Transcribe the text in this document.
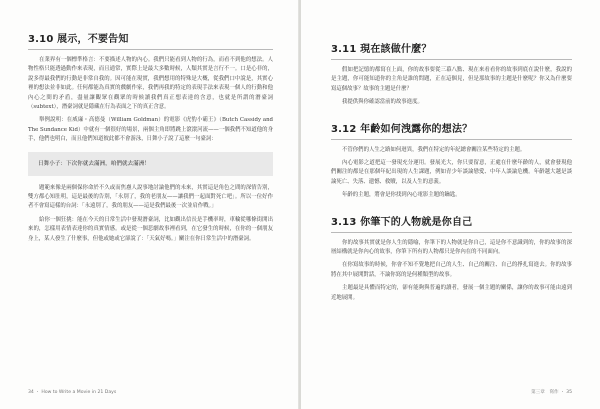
3.10 展示，不要告知

在業界有一個標準格言：不要描述人物的內心。我們只能看到人物的行為，而看不到他的想法。人物性格只能透過動作來表現，而且通常，實際上是最大多數時候，人類其實是言行不一。口是心非的，說多得最我們的行動是非常自我的。因可能在現實，我們想用的特殊是大概，從我們口中說是，其實心裡的想法並非如此。任何都能為真實的戲劇作家，我們再我的特定的表現手法來表現一個人的行動和他內心之間的矛盾，盡量讓觀眾在觀眾的時候讀我們真正想表達的含意，也就是所謂的潛臺詞（subtext），潛臺詞就是隱藏在行為表面之下的真正含意。

舉例說明：在威廉・高德曼（William Goldman）的電影《虎豹小霸王》（Butch Cassidy and The Sundance Kid）中就有一個很好的場景，兩個主角即將跳上滾滾河流——一個我們不知道他的身手，他們也明白，而且他們知道彼此都不會游泳，日舞小子說了這麼一句臺詞：

日舞小子：下次你就去滿洲，咱們就去滿洲！

題範來像是兩個保你命於不久或而焦慮人說事地討論他們的未來，其實這是角色之間的深情告別，雙方都心知肚明，這是最後的告別，「永別了，我的老朋友——讓我們一起面對死亡吧」。所以一位好作者不會寫這樣的台詞：「永遠別了，我的朋友——這是我們最後一次並肩作戰。」

給你一個狂挑：能在今天的日常生活中發現潛臺詞，比如觀出信長是手機率時，車輪從哪條街開出來的，怎樣用表情表達你的真實情感。或是從一個悲劇故事裡看到，在它發生的時候，在你的一個朋友身上，某人發生了什麼事，但他或她或它卻說了：「天氣好嗎。」關注在你日常生活中的潛臺詞。

34 ・ How to Write a Movie in 21 Days
3.11 現在該做什麼？

假如把記憶的都寫在上面，你的故事要從三幕八點、現在來看看你的故事到底在說什麼，我說的是主題，你可能知道你的主角是誰的問題，正在這個見，但是那故事的主題是什麼呢？你又為什麼要寫這個故事？故事的主題是什麼？

我提供與你確認當前的故事進度。

3.12 年齡如何洩露你的想法？

不管你們的人生之路如何迴異，我們在特定的年紀總會關注某些特定的主題。

內心電影之道把這一發現充分運用。發展光大，你只要留意，正處在什麼年齡的人，就會發現他們關注的都是在那個年紀出現的人生課題，例如青少年談論戀愛、中年人談論危機。年齡越大越是談論死亡、失落、遺憾、救贖，以及人生的意義。

年齡的主題，將會是你找到內心電影主題的鑰匙。

3.13 你筆下的人物就是你自己

你的故事其實就是你人生的隱喻，你筆下的人物就是你自己，這是你不意識到的，你的故事的深層結構就是你內心的故事，你筆下所有的人物都只是你內在的不同面向。

在你寫故事的時候，你會不知不覺地把自己的人生、自己的關注、自己的掙扎寫進去。你的故事將在其中展開對話，不論你寫的是何種類型的故事。

主題最是具體而特定的，卻有能夠與普遍的讀者，發展一個主題的關係，讓你的故事可能由遠到近地展開。

第三章　寫作 ・ 35
